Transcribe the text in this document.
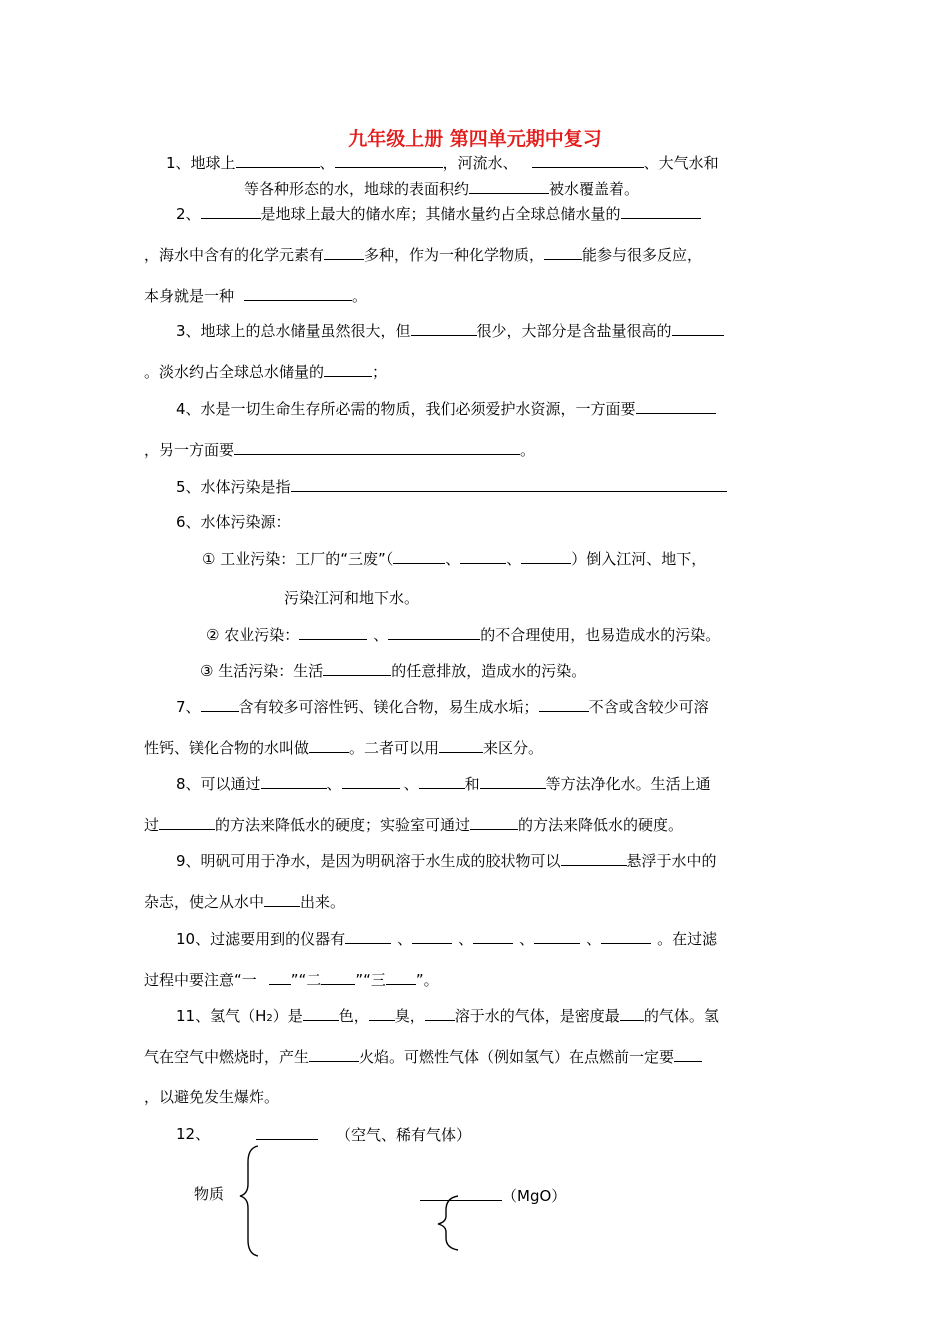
九年级上册 第四单元期中复习
1、地球上	、	，河流水、	、大气水和
等各种形态的水，地球的表面积约	被水覆盖着。
2、	是地球上最大的储水库；其储水量约占全球总储水量的
，海水中含有的化学元素有	多种，作为一种化学物质，	能参与很多反应，
本身就是一种	。
3、地球上的总水储量虽然很大，但	很少，大部分是含盐量很高的
。淡水约占全球总水储量的	；
4、水是一切生命生存所必需的物质，我们必须爱护水资源，一方面要
，另一方面要	。
5、水体污染是指
6、水体污染源：
① 工业污染：工厂的“三废”（	、	、	）倒入江河、地下，
污染江河和地下水。
② 农业污染：	、	的不合理使用，也易造成水的污染。
③ 生活污染：生活	的任意排放，造成水的污染。
7、	含有较多可溶性钙、镁化合物，易生成水垢；	不含或含较少可溶
性钙、镁化合物的水叫做	。二者可以用	来区分。
8、可以通过	、	、	和	等方法净化水。生活上通
过	的方法来降低水的硬度；实验室可通过	的方法来降低水的硬度。
9、明矾可用于净水，是因为明矾溶于水生成的胶状物可以	悬浮于水中的
杂志，使之从水中 出来。
10、过滤要用到的仪器有	、	、	、	、	。在过滤
过程中要注意“一 ”“二 ”“三 ”。
11、氢气（H2）是 色， 臭， 溶于水的气体，是密度最 的气体。氢
气在空气中燃烧时，产生	火焰。可燃性气体（例如氢气）在点燃前一定要
，以避免发生爆炸。
12、	（空气、稀有气体）
物质	（MgO）
